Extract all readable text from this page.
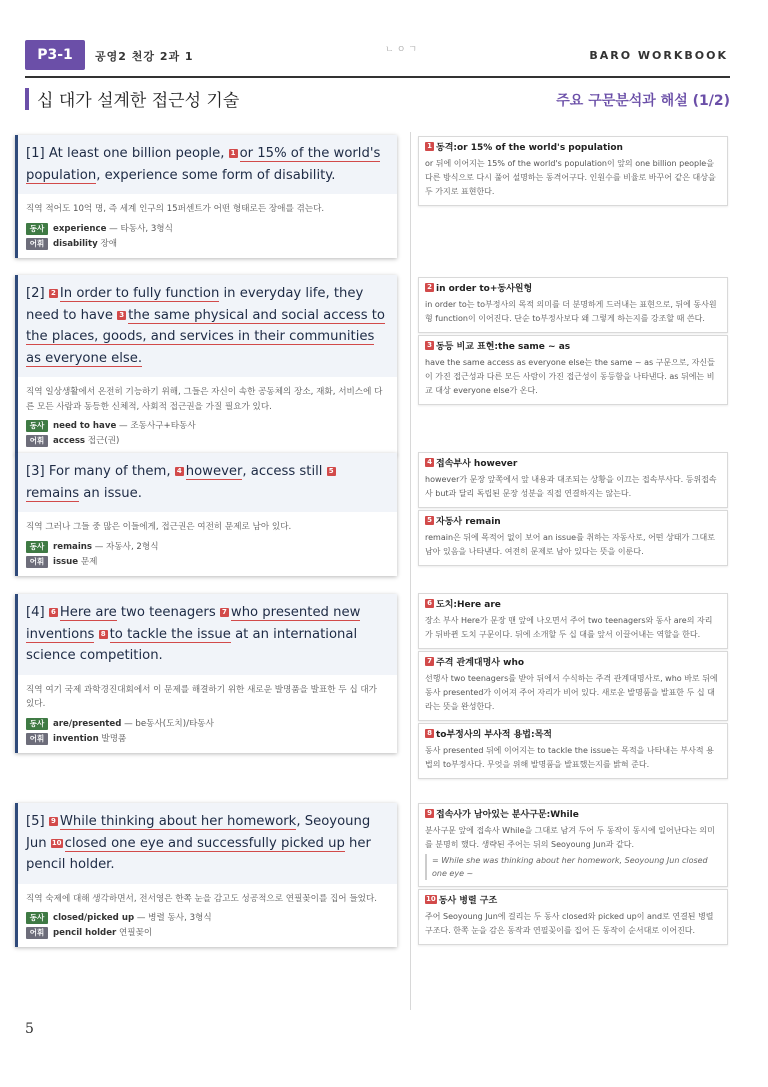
P3-1	공영2 천강 2과 1	ㄴㅇㄱ	BARO WORKBOOK
십 대가 설계한 접근성 기술	주요 구문분석과 해설 (1/2)
[1] At least one billion people, 1 or 15% of the world's population, experience some form of disability.
직역 적어도 10억 명, 즉 세계 인구의 15퍼센트가 어떤 형태로든 장애를 겪는다.
동사 experience — 타동사, 3형식
어휘 disability 장애
[2] 2 In order to fully function in everyday life, they need to have 3 the same physical and social access to the places, goods, and services in their communities as everyone else.
직역 일상생활에서 온전히 기능하기 위해, 그들은 자신이 속한 공동체의 장소, 재화, 서비스에 다른 모든 사람과 동등한 신체적, 사회적 접근권을 가질 필요가 있다.
동사 need to have — 조동사구+타동사
어휘 access 접근(권)
[3] For many of them, 4 however, access still 5remains an issue.
직역 그러나 그들 중 많은 이들에게, 접근권은 여전히 문제로 남아 있다.
동사 remains — 자동사, 2형식
어휘 issue 문제
[4] 6 Here are two teenagers 7 who presented new inventions 8 to tackle the issue at an international science competition.
직역 여기 국제 과학경진대회에서 이 문제를 해결하기 위한 새로운 발명품을 발표한 두 십 대가 있다.
동사 are/presented — be동사(도치)/타동사
어휘 invention 발명품
[5] 9 While thinking about her homework, Seoyoung Jun 10 closed one eye and successfully picked up her pencil holder.
직역 숙제에 대해 생각하면서, 전서영은 한쪽 눈을 감고도 성공적으로 연필꽂이를 집어 들었다.
동사 closed/picked up — 병렬 동사, 3형식
어휘 pencil holder 연필꽂이
1 동격:or 15% of the world's population
or 뒤에 이어지는 15% of the world's population이 앞의 one billion people을 다른 방식으로 다시 풀어 설명하는 동격어구다. 인원수를 비율로 바꾸어 같은 대상을 두 가지로 표현한다.
2 in order to+동사원형
in order to는 to부정사의 목적 의미를 더 분명하게 드러내는 표현으로, 뒤에 동사원형 function이 이어진다. 단순 to부정사보다 왜 그렇게 하는지를 강조할 때 쓴다.
3 동등 비교 표현:the same ~ as
have the same access as everyone else는 the same ~ as 구문으로, 자신들이 가진 접근성과 다른 모든 사람이 가진 접근성이 동등함을 나타낸다. as 뒤에는 비교 대상 everyone else가 온다.
4 접속부사 however
however가 문장 앞쪽에서 앞 내용과 대조되는 상황을 이끄는 접속부사다. 등위접속사 but과 달리 독립된 문장 성분을 직접 연결하지는 않는다.
5 자동사 remain
remain은 뒤에 목적어 없이 보어 an issue를 취하는 자동사로, 어떤 상태가 그대로 남아 있음을 나타낸다. 여전히 문제로 남아 있다는 뜻을 이룬다.
6 도치:Here are
장소 부사 Here가 문장 맨 앞에 나오면서 주어 two teenagers와 동사 are의 자리가 뒤바뀐 도치 구문이다. 뒤에 소개할 두 십 대를 앞서 이끌어내는 역할을 한다.
7 주격 관계대명사 who
선행사 two teenagers를 받아 뒤에서 수식하는 주격 관계대명사로, who 바로 뒤에 동사 presented가 이어져 주어 자리가 비어 있다. 새로운 발명품을 발표한 두 십 대라는 뜻을 완성한다.
8 to부정사의 부사적 용법:목적
동사 presented 뒤에 이어지는 to tackle the issue는 목적을 나타내는 부사적 용법의 to부정사다. 무엇을 위해 발명품을 발표했는지를 밝혀 준다.
9 접속사가 남아있는 분사구문:While
분사구문 앞에 접속사 While을 그대로 남겨 두어 두 동작이 동시에 일어난다는 의미를 분명히 했다. 생략된 주어는 뒤의 Seoyoung Jun과 같다.
= While she was thinking about her homework, Seoyoung Jun closed one eye ~
10 동사 병렬 구조
주어 Seoyoung Jun에 걸리는 두 동사 closed와 picked up이 and로 연결된 병렬구조다. 한쪽 눈을 감은 동작과 연필꽂이를 집어 든 동작이 순서대로 이어진다.
5
